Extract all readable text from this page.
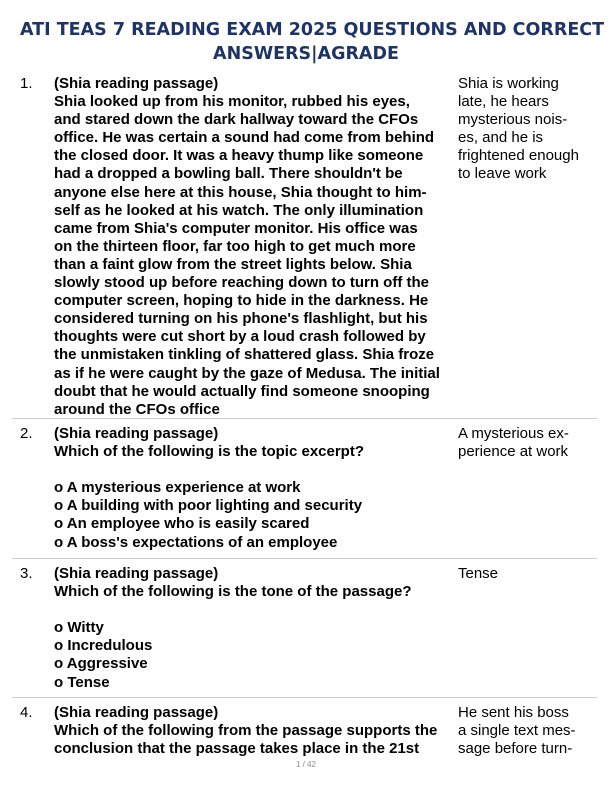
ATI TEAS 7 READING EXAM 2025 QUESTIONS AND CORRECT
ANSWERS|AGRADE
1. (Shia reading passage)
Shia looked up from his monitor, rubbed his eyes,
and stared down the dark hallway toward the CFOs
office. He was certain a sound had come from behind
the closed door. It was a heavy thump like someone
had a dropped a bowling ball. There shouldn't be
anyone else here at this house, Shia thought to him-
self as he looked at his watch. The only illumination
came from Shia's computer monitor. His office was
on the thirteen floor, far too high to get much more
than a faint glow from the street lights below. Shia
slowly stood up before reaching down to turn off the
computer screen, hoping to hide in the darkness. He
considered turning on his phone's flashlight, but his
thoughts were cut short by a loud crash followed by
the unmistaken tinkling of shattered glass. Shia froze
as if he were caught by the gaze of Medusa. The initial
doubt that he would actually find someone snooping
around the CFOs office
Shia is working
late, he hears
mysterious nois-
es, and he is
frightened enough
to leave work
2. (Shia reading passage)
Which of the following is the topic excerpt?
o A mysterious experience at work
o A building with poor lighting and security
o An employee who is easily scared
o A boss's expectations of an employee
A mysterious ex-
perience at work
3. (Shia reading passage)
Which of the following is the tone of the passage?
o Witty
o Incredulous
o Aggressive
o Tense
Tense
4. (Shia reading passage)
Which of the following from the passage supports the
conclusion that the passage takes place in the 21st
He sent his boss
a single text mes-
sage before turn-
1 / 42
